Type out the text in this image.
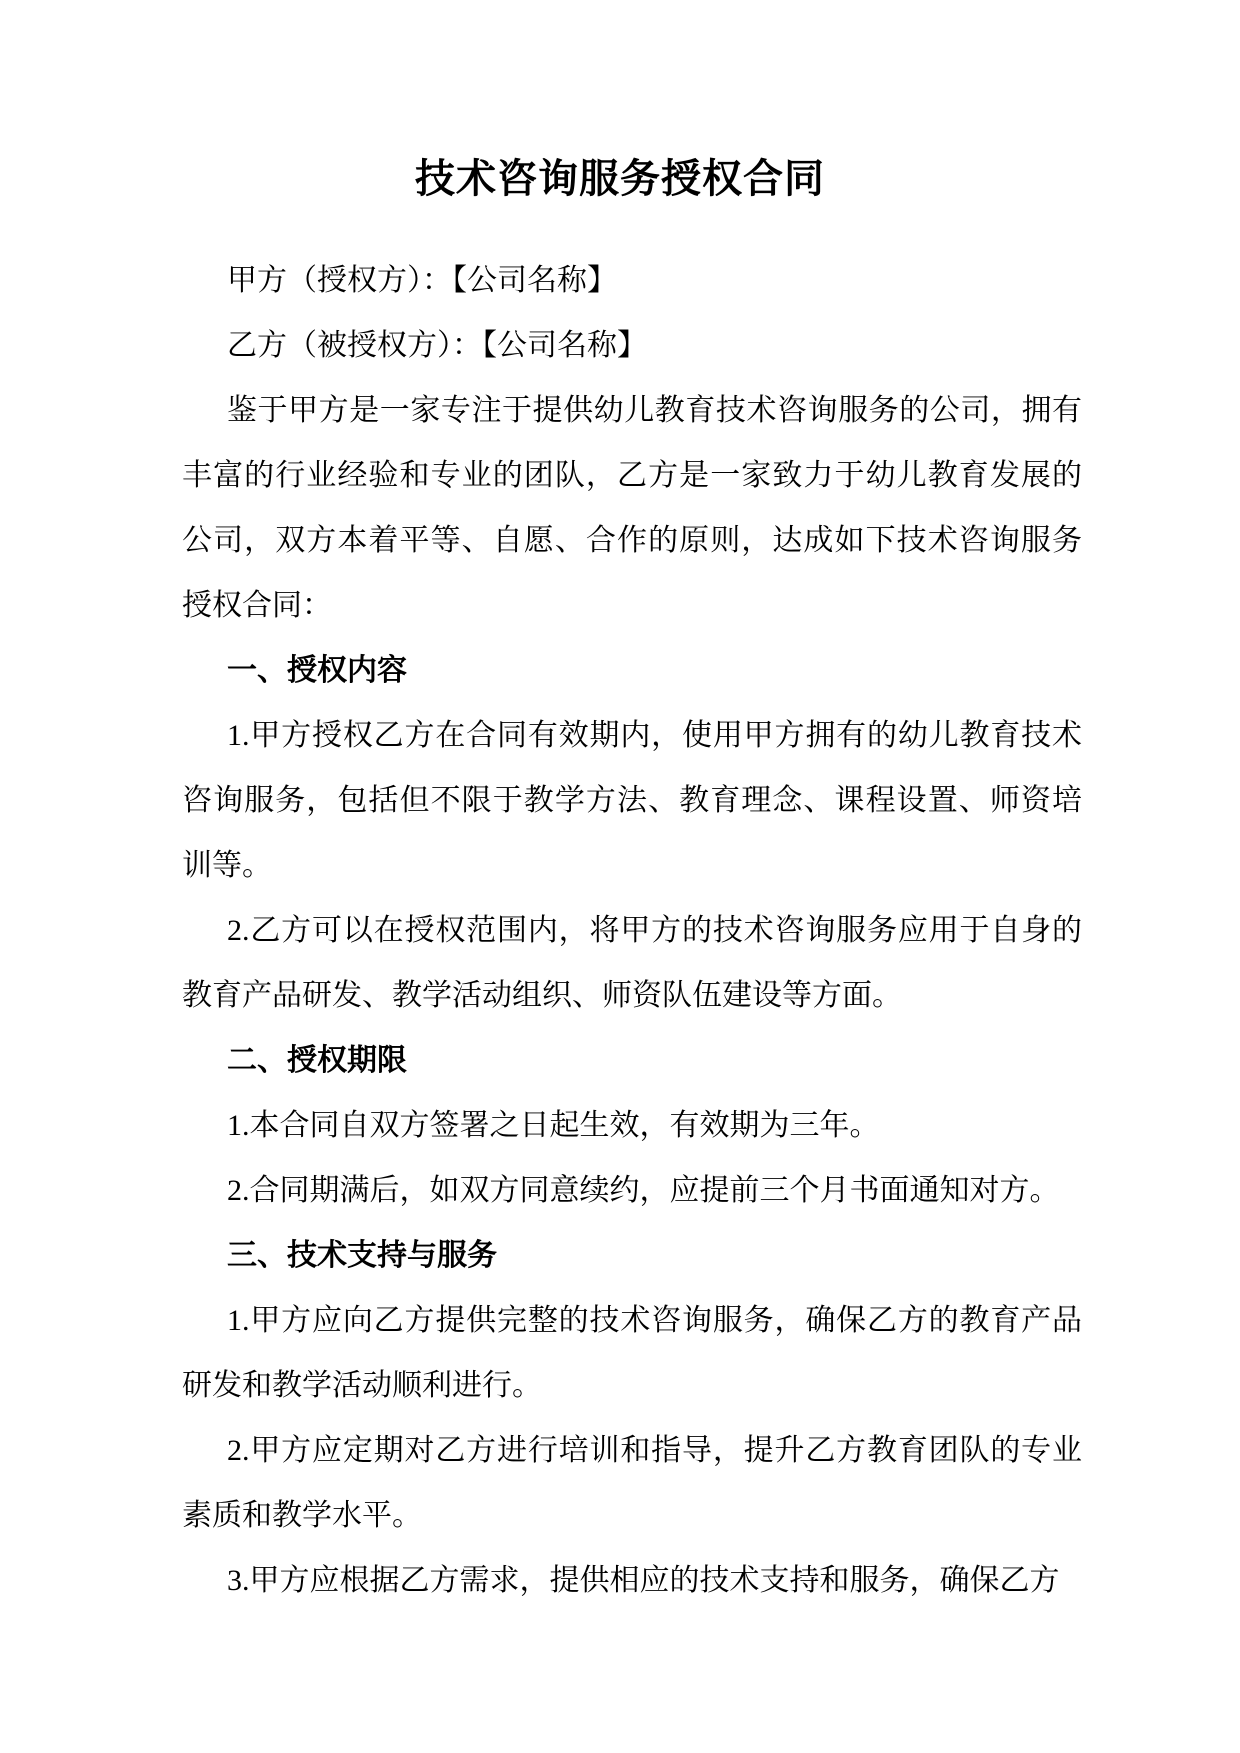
技术咨询服务授权合同
甲方（授权方）：【公司名称】
乙方（被授权方）：【公司名称】
鉴于甲方是一家专注于提供幼儿教育技术咨询服务的公司，拥有
丰富的行业经验和专业的团队，乙方是一家致力于幼儿教育发展的
公司，双方本着平等、自愿、合作的原则，达成如下技术咨询服务
授权合同：
一、授权内容
1.甲方授权乙方在合同有效期内，使用甲方拥有的幼儿教育技术
咨询服务，包括但不限于教学方法、教育理念、课程设置、师资培
训等。
2.乙方可以在授权范围内，将甲方的技术咨询服务应用于自身的
教育产品研发、教学活动组织、师资队伍建设等方面。
二、授权期限
1.本合同自双方签署之日起生效，有效期为三年。
2.合同期满后，如双方同意续约，应提前三个月书面通知对方。
三、技术支持与服务
1.甲方应向乙方提供完整的技术咨询服务，确保乙方的教育产品
研发和教学活动顺利进行。
2.甲方应定期对乙方进行培训和指导，提升乙方教育团队的专业
素质和教学水平。
3.甲方应根据乙方需求，提供相应的技术支持和服务，确保乙方
